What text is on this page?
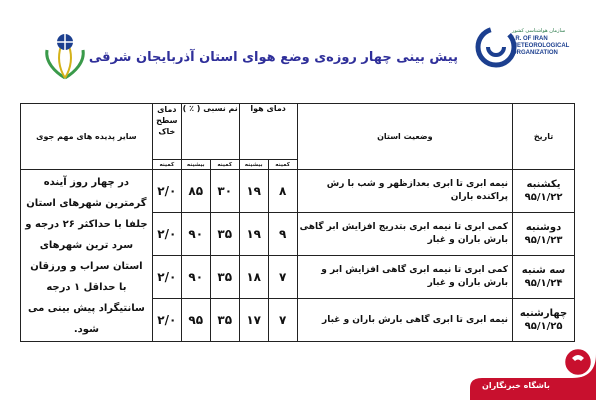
I.R. OF IRAN
METEOROLOGICAL
ORGANIZATION
سازمان هواشناسی کشور
پیش بینی چهار روزه‌ی وضع هوای استان آذربایجان شرقی
تاریخ	وضعیت استان	دمای هوا		نم نسبی ( ٪ )		دمای سطح خاک	سایر پدیده های مهم جوی
		کمینه	بیشینه	کمینه	بیشینه	کمینه	

یکشنبه
۹۵/۱/۲۲	نیمه ابری تا ابری بعدازظهر و شب با رش پراکنده باران	۸	۱۹	۳۰	۸۵	۲/۰	در چهار روز آینده گرمترین شهرهای استان جلفا با حداکثر ۲۶ درجه و سرد ترین شهرهای استان سراب و ورزقان با حداقل ۱ درجه سانتیگراد پیش بینی می شود.

دوشنبه
۹۵/۱/۲۳	کمی ابری تا نیمه ابری بتدریج افزایش ابر گاهی بارش باران و غبار	۹	۱۹	۳۵	۹۰	۲/۰	

سه شنبه
۹۵/۱/۲۴	کمی ابری تا نیمه ابری گاهی افزایش ابر و بارش باران و غبار	۷	۱۸	۳۵	۹۰	۲/۰	

چهارشنبه
۹۵/۱/۲۵	نیمه ابری تا ابری گاهی بارش باران و غبار	۷	۱۷	۳۵	۹۵	۲/۰	
باشگاه خبرنگاران
